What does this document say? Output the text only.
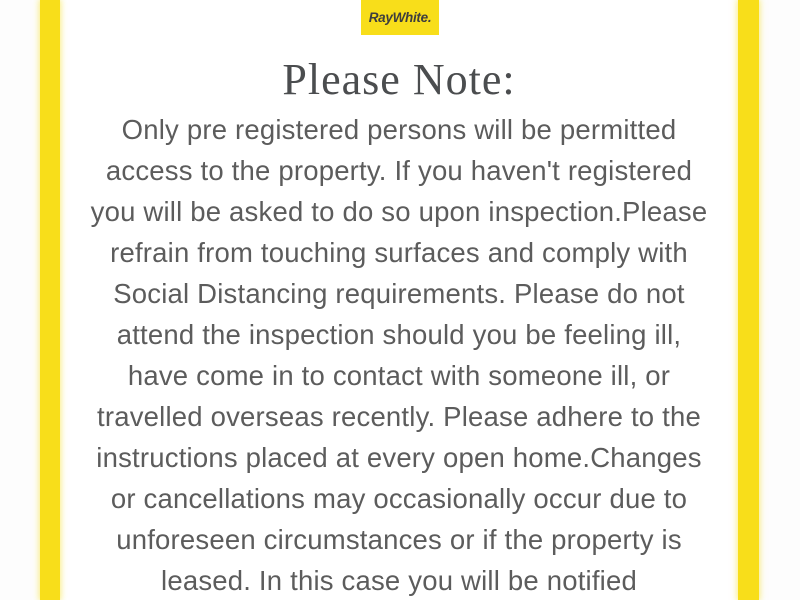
RayWhite.
Please Note:
Only pre registered persons will be permitted
access to the property. If you haven't registered
you will be asked to do so upon inspection.Please
refrain from touching surfaces and comply with
Social Distancing requirements. Please do not
attend the inspection should you be feeling ill,
have come in to contact with someone ill, or
travelled overseas recently. Please adhere to the
instructions placed at every open home.Changes
or cancellations may occasionally occur due to
unforeseen circumstances or if the property is
leased. In this case you will be notified
